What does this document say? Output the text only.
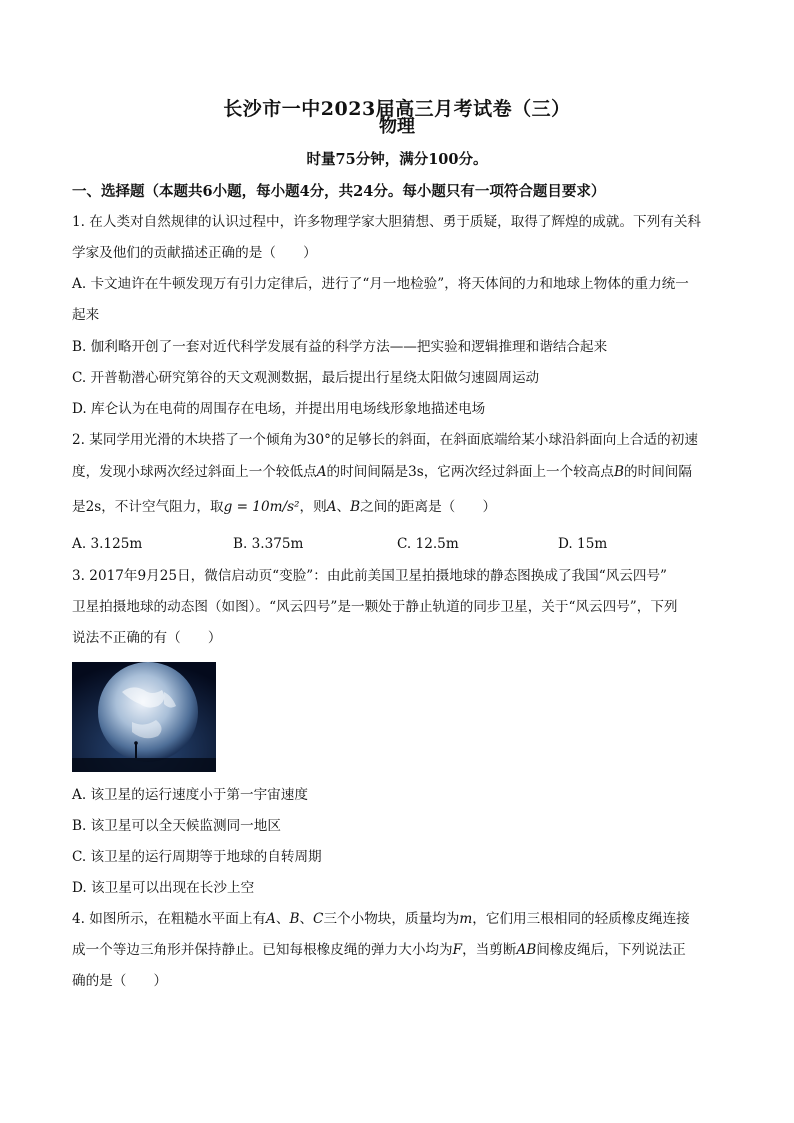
长沙市一中2023届高三月考试卷（三）
物理
时量75分钟，满分100分。
一、选择题（本题共6小题，每小题4分，共24分。每小题只有一项符合题目要求）
1. 在人类对自然规律的认识过程中，许多物理学家大胆猜想、勇于质疑，取得了辉煌的成就。下列有关科
学家及他们的贡献描述正确的是（　　）
A. 卡文迪许在牛顿发现万有引力定律后，进行了“月一地检验”，将天体间的力和地球上物体的重力统一
起来
B. 伽利略开创了一套对近代科学发展有益的科学方法——把实验和逻辑推理和谐结合起来
C. 开普勒潜心研究第谷的天文观测数据，最后提出行星绕太阳做匀速圆周运动
D. 库仑认为在电荷的周围存在电场，并提出用电场线形象地描述电场
2. 某同学用光滑的木块搭了一个倾角为30°的足够长的斜面，在斜面底端给某小球沿斜面向上合适的初速
度，发现小球两次经过斜面上一个较低点A的时间间隔是3s，它两次经过斜面上一个较高点B的时间间隔
是2s，不计空气阻力，取g = 10m/s²，则A、B之间的距离是（　　）
A. 3.125m	B. 3.375m	C. 12.5m	D. 15m
3. 2017年9月25日，微信启动页“变脸”：由此前美国卫星拍摄地球的静态图换成了我国“风云四号”
卫星拍摄地球的动态图（如图）。“风云四号”是一颗处于静止轨道的同步卫星，关于“风云四号”，下列
说法不正确的有（　　）
A. 该卫星的运行速度小于第一宇宙速度
B. 该卫星可以全天候监测同一地区
C. 该卫星的运行周期等于地球的自转周期
D. 该卫星可以出现在长沙上空
4. 如图所示，在粗糙水平面上有A、B、C三个小物块，质量均为m，它们用三根相同的轻质橡皮绳连接
成一个等边三角形并保持静止。已知每根橡皮绳的弹力大小均为F，当剪断AB间橡皮绳后，下列说法正
确的是（　　）
